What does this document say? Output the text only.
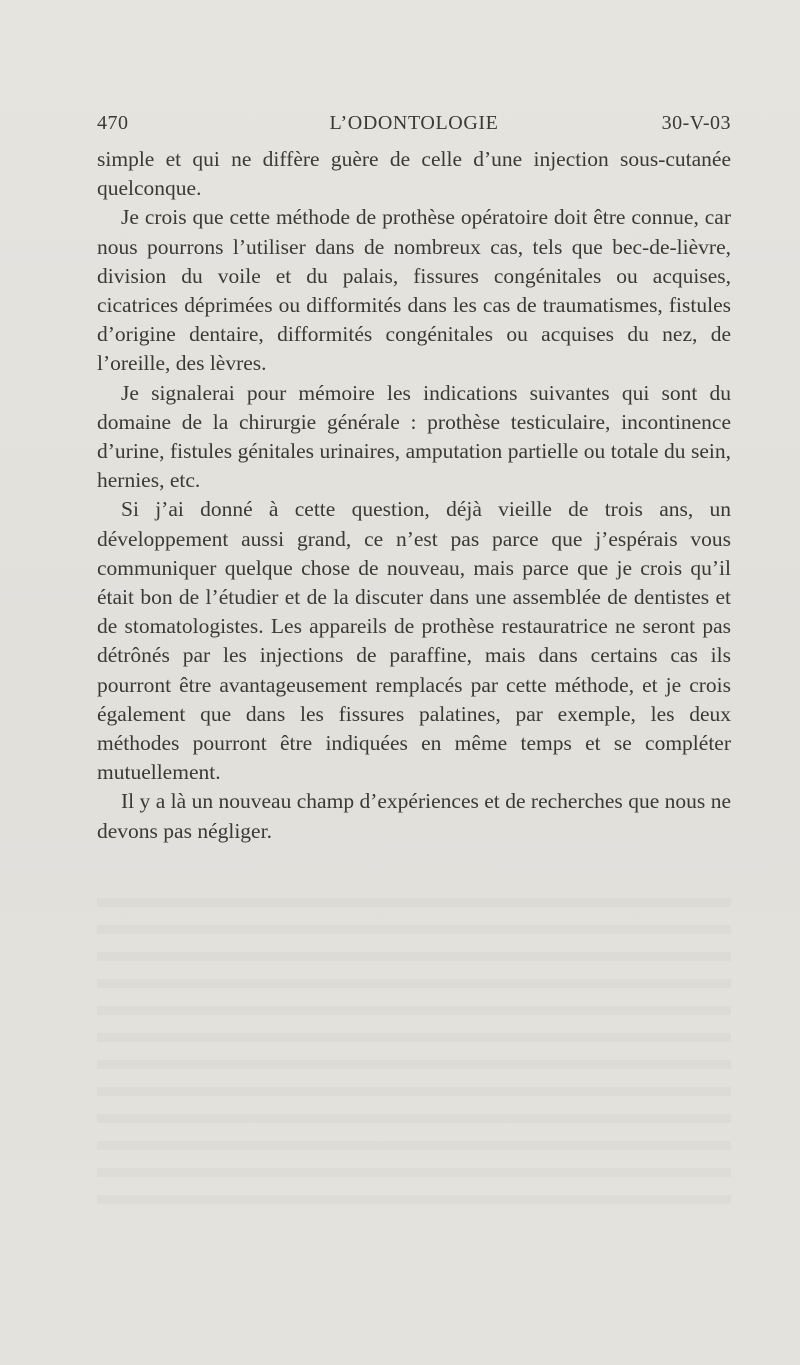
470	L’ODONTOLOGIE	30-V-03

simple et qui ne diffère guère de celle d’une injection sous-cutanée quelconque.

Je crois que cette méthode de prothèse opératoire doit être connue, car nous pourrons l’utiliser dans de nombreux cas, tels que bec-de-lièvre, division du voile et du palais, fissures congénitales ou acquises, cicatrices déprimées ou difformités dans les cas de traumatismes, fistules d’origine dentaire, difformités congénitales ou acquises du nez, de l’oreille, des lèvres.

Je signalerai pour mémoire les indications suivantes qui sont du domaine de la chirurgie générale : prothèse testiculaire, incontinence d’urine, fistules génitales urinaires, amputation partielle ou totale du sein, hernies, etc.

Si j’ai donné à cette question, déjà vieille de trois ans, un développement aussi grand, ce n’est pas parce que j’espérais vous communiquer quelque chose de nouveau, mais parce que je crois qu’il était bon de l’étudier et de la discuter dans une assemblée de dentistes et de stomatologistes. Les appareils de prothèse restauratrice ne seront pas détrônés par les injections de paraffine, mais dans certains cas ils pourront être avantageusement remplacés par cette méthode, et je crois également que dans les fissures palatines, par exemple, les deux méthodes pourront être indiquées en même temps et se compléter mutuellement.

Il y a là un nouveau champ d’expériences et de recherches que nous ne devons pas négliger.
